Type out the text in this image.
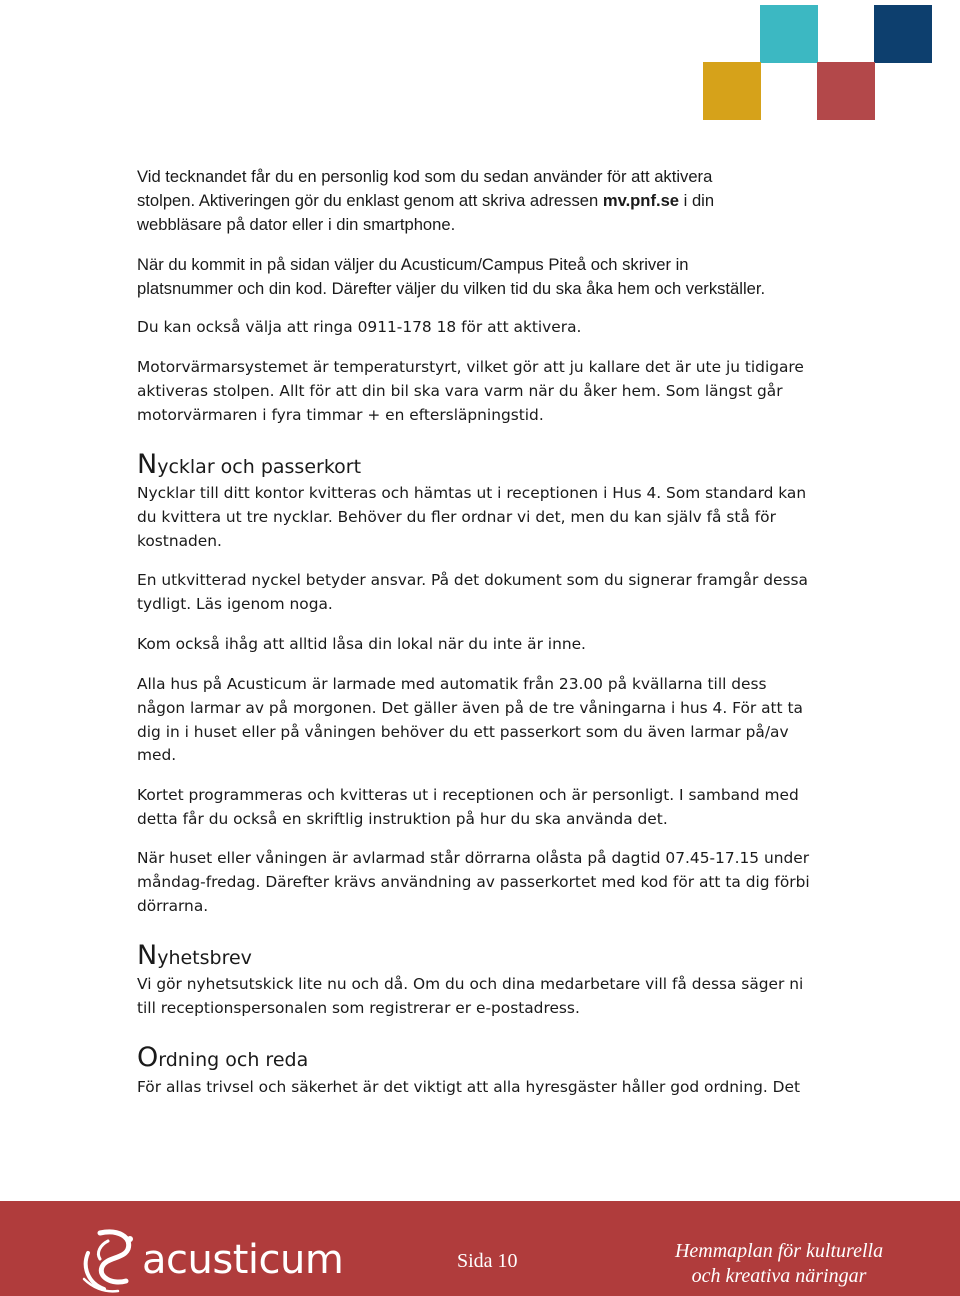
Vid tecknandet får du en personlig kod som du sedan använder för att aktivera
stolpen. Aktiveringen gör du enklast genom att skriva adressen mv.pnf.se i din
webbläsare på dator eller i din smartphone.
När du kommit in på sidan väljer du Acusticum/Campus Piteå och skriver in
platsnummer och din kod. Därefter väljer du vilken tid du ska åka hem och verkställer.
Du kan också välja att ringa 0911-178 18 för att aktivera.
Motorvärmarsystemet är temperaturstyrt, vilket gör att ju kallare det är ute ju tidigare
aktiveras stolpen. Allt för att din bil ska vara varm när du åker hem. Som längst går
motorvärmaren i fyra timmar + en eftersläpningstid.
Nycklar och passerkort
Nycklar till ditt kontor kvitteras och hämtas ut i receptionen i Hus 4. Som standard kan
du kvittera ut tre nycklar. Behöver du fler ordnar vi det, men du kan själv få stå för
kostnaden.
En utkvitterad nyckel betyder ansvar. På det dokument som du signerar framgår dessa
tydligt. Läs igenom noga.
Kom också ihåg att alltid låsa din lokal när du inte är inne.
Alla hus på Acusticum är larmade med automatik från 23.00 på kvällarna till dess
någon larmar av på morgonen. Det gäller även på de tre våningarna i hus 4. För att ta
dig in i huset eller på våningen behöver du ett passerkort som du även larmar på/av
med.
Kortet programmeras och kvitteras ut i receptionen och är personligt. I samband med
detta får du också en skriftlig instruktion på hur du ska använda det.
När huset eller våningen är avlarmad står dörrarna olåsta på dagtid 07.45-17.15 under
måndag-fredag. Därefter krävs användning av passerkortet med kod för att ta dig förbi
dörrarna.
Nyhetsbrev
Vi gör nyhetsutskick lite nu och då. Om du och dina medarbetare vill få dessa säger ni
till receptionspersonalen som registrerar er e-postadress.
Ordning och reda
För allas trivsel och säkerhet är det viktigt att alla hyresgäster håller god ordning. Det
acusticum	Sida 10	Hemmaplan för kulturella
och kreativa näringar
